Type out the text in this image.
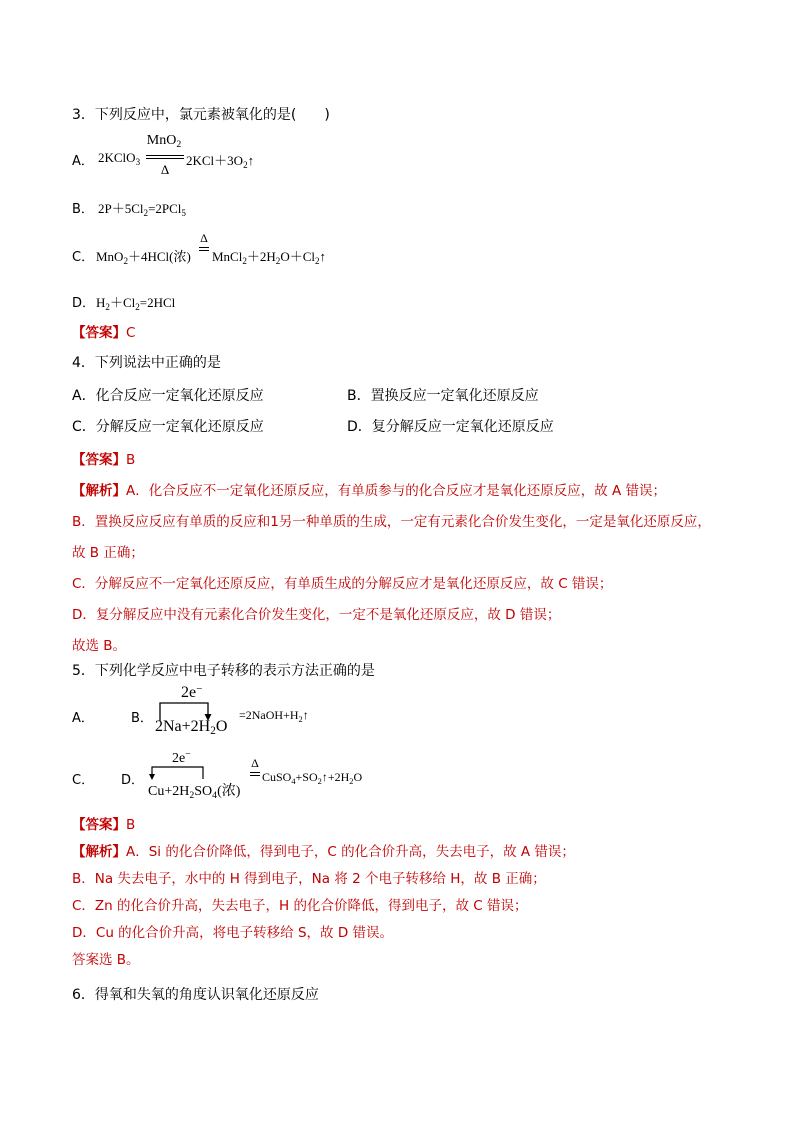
3．下列反应中，氯元素被氧化的是(　　)
A． 2KClO$_3$
MnO$_2$
Δ
$2KCl+3O_2↑$
B． $2P+5Cl_2=2PCl_5$
C． MnO$_2$＋4HCl(浓)
Δ
$MnCl_2+2H_2O+Cl_2↑$
D． $H_2+Cl_2=2HCl$
【答案】C
4．下列说法中正确的是
A．化合反应一定氧化还原反应	B．置换反应一定氧化还原反应
C．分解反应一定氧化还原反应	D．复分解反应一定氧化还原反应
【答案】B
【解析】A．化合反应不一定氧化还原反应，有单质参与的化合反应才是氧化还原反应，故 A 错误；
B．置换反应反应有单质的反应和1另一种单质的生成，一定有元素化合价发生变化，一定是氧化还原反应，
故 B 正确；
C．分解反应不一定氧化还原反应，有单质生成的分解反应才是氧化还原反应，故 C 错误；
D．复分解反应中没有元素化合价发生变化，一定不是氧化还原反应，故 D 错误；
故选 B。
5．下列化学反应中电子转移的表示方法正确的是
A．	B．
2e−
$2Na+2H_2O$
$=2NaOH+H_2↑$
C． D．
2e−
$Cu+2H_2SO_4$(浓)
Δ
$CuSO_4+SO_2↑+2H_2O$
【答案】B
【解析】A．Si 的化合价降低，得到电子，C 的化合价升高，失去电子，故 A 错误；
B．Na 失去电子，水中的 H 得到电子，Na 将 2 个电子转移给 H，故 B 正确；
C．Zn 的化合价升高，失去电子，H 的化合价降低，得到电子，故 C 错误；
D．Cu 的化合价升高，将电子转移给 S，故 D 错误。
答案选 B。
6．得氧和失氧的角度认识氧化还原反应
